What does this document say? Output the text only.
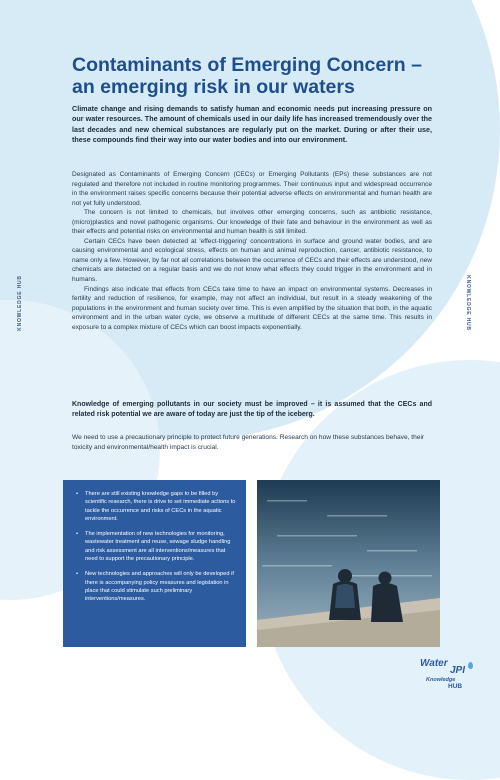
KNOWLEDGE HUB	KNOWLEDGE HUB
Contaminants of Emerging Concern – an emerging risk in our waters
Climate change and rising demands to satisfy human and economic needs put increasing pressure on our water resources. The amount of chemicals used in our daily life has increased tremendously over the last decades and new chemical substances are regularly put on the market. During or after their use, these compounds find their way into our water bodies and into our environment.

Designated as Contaminants of Emerging Concern (CECs) or Emerging Pollutants (EPs) these substances are not regulated and therefore not included in routine monitoring programmes. Their continuous input and widespread occurrence in the environment raises specific concerns because their potential adverse effects on environmental and human health are not yet fully understood.

The concern is not limited to chemicals, but involves other emerging concerns, such as antibiotic resistance, (micro)plastics and novel pathogenic organisms. Our knowledge of their fate and behaviour in the environment as well as their effects and potential risks on environmental and human health is still limited.

Certain CECs have been detected at 'effect-triggering' concentrations in surface and ground water bodies, and are causing environmental and ecological stress, effects on human and animal reproduction, cancer, antibiotic resistance, to name only a few. However, by far not all correlations between the occurrence of CECs and their effects are understood, new chemicals are detected on a regular basis and we do not know what effects they could trigger in the environment and in humans.

Findings also indicate that effects from CECs take time to have an impact on environmental systems. Decreases in fertility and reduction of resilience, for example, may not affect an individual, but result in a steady weakening of the populations in the environment and human society over time. This is even amplified by the situation that both, in the aquatic environment and in the urban water cycle, we observe a multitude of different CECs at the same time. This results in exposure to a complex mixture of CECs which can boost impacts exponentially.

Knowledge of emerging pollutants in our society must be improved – it is assumed that the CECs and related risk potential we are aware of today are just the tip of the iceberg.
We need to use a precautionary principle to protect future generations. Research on how these substances behave, their toxicity and environmental/health impact is crucial.
• There are still existing knowledge gaps to be filled by scientific research, there is drive to set immediate actions to tackle the occurrence and risks of CECs in the aquatic environment.
• The implementation of new technologies for monitoring, wastewater treatment and reuse, sewage sludge handling and risk assessment are all interventions/measures that need to support the precautionary principle.
• New technologies and approaches will only be developed if there is accompanying policy measures and legislation in place that could stimulate such preliminary interventions/measures.
Water
JPI
Knowledge
HUB
